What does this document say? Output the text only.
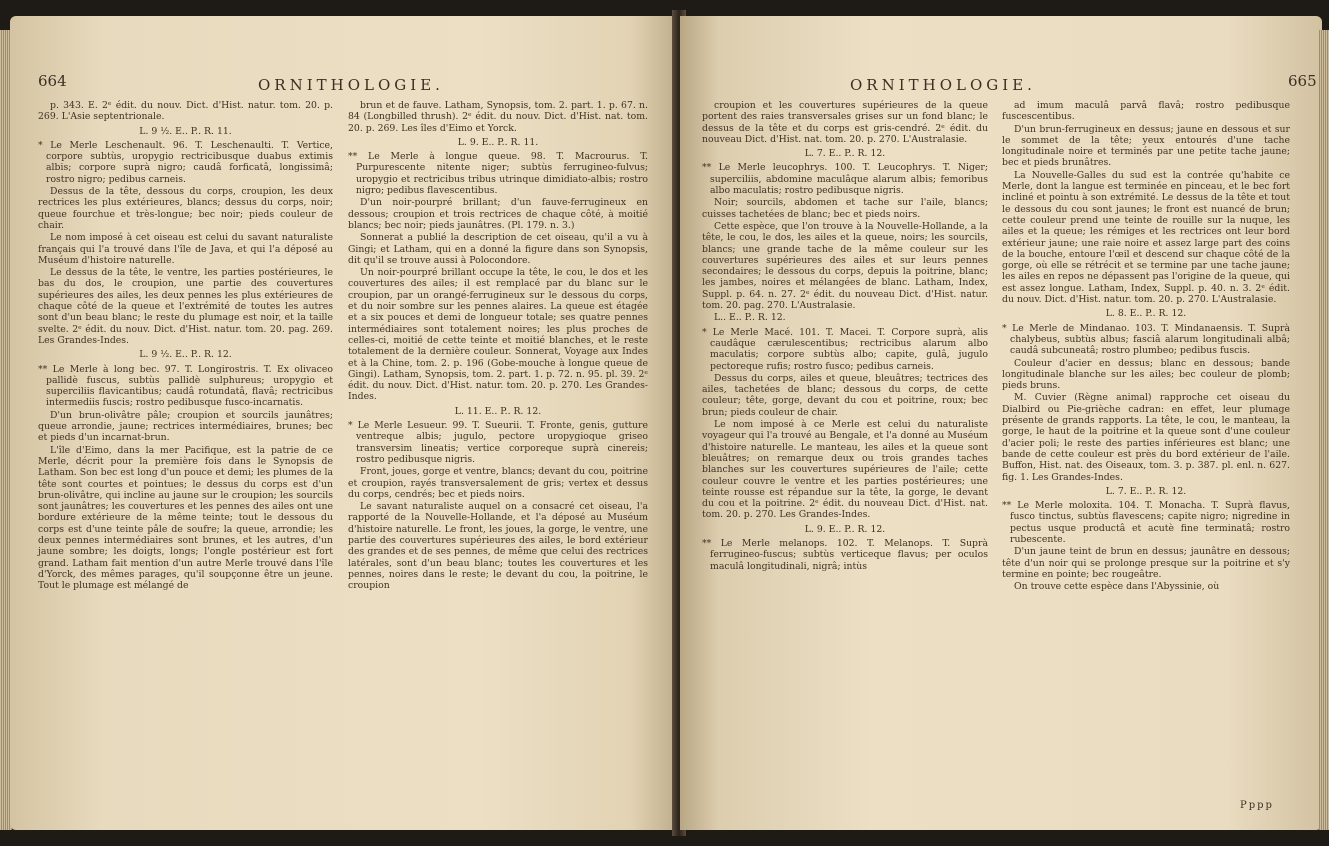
664	ORNITHOLOGIE.

p. 343. E. 2ᵉ édit. du nouv. Dict. d'Hist. natur. tom. 20. p. 269. L'Asie septentrionale.

L. 9 ½. E.. P.. R. 11.

* Le Merle Leschenault. 96. T. Leschenaulti. T. Vertice, corpore subtùs, uropygio rectricibusque duabus extimis albis; corpore suprà nigro; caudâ forficatâ, longissimâ; rostro nigro; pedibus carneis.

Dessus de la tête, dessous du corps, croupion, les deux rectrices les plus extérieures, blancs; dessus du corps, noir; queue fourchue et très-longue; bec noir; pieds couleur de chair.

Le nom imposé à cet oiseau est celui du savant naturaliste français qui l'a trouvé dans l'île de Java, et qui l'a déposé au Muséum d'histoire naturelle.

Le dessus de la tête, le ventre, les parties postérieures, le bas du dos, le croupion, une partie des couvertures supérieures des ailes, les deux pennes les plus extérieures de chaque côté de la queue et l'extrémité de toutes les autres sont d'un beau blanc; le reste du plumage est noir, et la taille svelte. 2ᵉ édit. du nouv. Dict. d'Hist. natur. tom. 20. pag. 269. Les Grandes-Indes.

L. 9 ½. E.. P.. R. 12.

** Le Merle à long bec. 97. T. Longirostris. T. Ex olivaceo pallidè fuscus, subtùs pallidè sulphureus; uropygio et superciliis flavicantibus; caudâ rotundatâ, flavâ; rectricibus intermediis fuscis; rostro pedibusque fusco-incarnatis.

D'un brun-olivâtre pâle; croupion et sourcils jaunâtres; queue arrondie, jaune; rectrices intermédiaires, brunes; bec et pieds d'un incarnat-brun.

L'île d'Eimo, dans la mer Pacifique, est la patrie de ce Merle, décrit pour la première fois dans le Synopsis de Latham. Son bec est long d'un pouce et demi; les plumes de la tête sont courtes et pointues; le dessus du corps est d'un brun-olivâtre, qui incline au jaune sur le croupion; les sourcils sont jaunâtres; les couvertures et les pennes des ailes ont une bordure extérieure de la même teinte; tout le dessous du corps est d'une teinte pâle de soufre; la queue, arrondie; les deux pennes intermédiaires sont brunes, et les autres, d'un jaune sombre; les doigts, longs; l'ongle postérieur est fort grand. Latham fait mention d'un autre Merle trouvé dans l'île d'Yorck, des mêmes parages, qu'il soupçonne être un jeune. Tout le plumage est mélangé de

brun et de fauve. Latham, Synopsis, tom. 2. part. 1. p. 67. n. 84 (Longbilled thrush). 2ᵉ édit. du nouv. Dict. d'Hist. nat. tom. 20. p. 269. Les îles d'Eimo et Yorck.

L. 9. E.. P.. R. 11.

** Le Merle à longue queue. 98. T. Macrourus. T. Purpurescente nitente niger; subtùs ferrugineo-fulvus; uropygio et rectricibus tribus utrinque dimidiato-albis; rostro nigro; pedibus flavescentibus.

D'un noir-pourpré brillant; d'un fauve-ferrugineux en dessous; croupion et trois rectrices de chaque côté, à moitié blancs; bec noir; pieds jaunâtres. (Pl. 179. n. 3.)

Sonnerat a publié la description de cet oiseau, qu'il a vu à Gingi; et Latham, qui en a donné la figure dans son Synopsis, dit qu'il se trouve aussi à Polocondore.

Un noir-pourpré brillant occupe la tête, le cou, le dos et les couvertures des ailes; il est remplacé par du blanc sur le croupion, par un orangé-ferrugineux sur le dessous du corps, et du noir sombre sur les pennes alaires. La queue est étagée et a six pouces et demi de longueur totale; ses quatre pennes intermédiaires sont totalement noires; les plus proches de celles-ci, moitié de cette teinte et moitié blanches, et le reste totalement de la dernière couleur. Sonnerat, Voyage aux Indes et à la Chine, tom. 2. p. 196 (Gobe-mouche à longue queue de Gingi). Latham, Synopsis, tom. 2. part. 1. p. 72. n. 95. pl. 39. 2ᵉ édit. du nouv. Dict. d'Hist. natur. tom. 20. p. 270. Les Grandes-Indes.

L. 11. E.. P.. R. 12.

* Le Merle Lesueur. 99. T. Sueurii. T. Fronte, genis, gutture ventreque albis; jugulo, pectore uropygioque griseo transversim lineatis; vertice corporeque suprà cinereis; rostro pedibusque nigris.

Front, joues, gorge et ventre, blancs; devant du cou, poitrine et croupion, rayés transversalement de gris; vertex et dessus du corps, cendrés; bec et pieds noirs.

Le savant naturaliste auquel on a consacré cet oiseau, l'a rapporté de la Nouvelle-Hollande, et l'a déposé au Muséum d'histoire naturelle. Le front, les joues, la gorge, le ventre, une partie des couvertures supérieures des ailes, le bord extérieur des grandes et de ses pennes, de même que celui des rectrices latérales, sont d'un beau blanc; toutes les couvertures et les pennes, noires dans le reste; le devant du cou, la poitrine, le croupion

ORNITHOLOGIE.	665

croupion et les couvertures supérieures de la queue portent des raies transversales grises sur un fond blanc; le dessus de la tête et du corps est gris-cendré. 2ᵉ édit. du nouveau Dict. d'Hist. nat. tom. 20. p. 270. L'Australasie.

L. 7. E.. P.. R. 12.

** Le Merle leucophrys. 100. T. Leucophrys. T. Niger; superciliis, abdomine maculâque alarum albis; femoribus albo maculatis; rostro pedibusque nigris.

Noir; sourcils, abdomen et tache sur l'aile, blancs; cuisses tachetées de blanc; bec et pieds noirs.

Cette espèce, que l'on trouve à la Nouvelle-Hollande, a la tête, le cou, le dos, les ailes et la queue, noirs; les sourcils, blancs; une grande tache de la même couleur sur les couvertures supérieures des ailes et sur leurs pennes secondaires; le dessous du corps, depuis la poitrine, blanc; les jambes, noires et mélangées de blanc. Latham, Index, Suppl. p. 64. n. 27. 2ᵉ édit. du nouveau Dict. d'Hist. natur. tom. 20. pag. 270. L'Australasie.

L.. E.. P.. R. 12.

* Le Merle Macé. 101. T. Macei. T. Corpore suprà, alis caudâque cærulescentibus; rectricibus alarum albo maculatis; corpore subtùs albo; capite, gulâ, jugulo pectoreque rufis; rostro fusco; pedibus carneis.

Dessus du corps, ailes et queue, bleuâtres; tectrices des ailes, tachetées de blanc; dessous du corps, de cette couleur; tête, gorge, devant du cou et poitrine, roux; bec brun; pieds couleur de chair.

Le nom imposé à ce Merle est celui du naturaliste voyageur qui l'a trouvé au Bengale, et l'a donné au Muséum d'histoire naturelle. Le manteau, les ailes et la queue sont bleuâtres; on remarque deux ou trois grandes taches blanches sur les couvertures supérieures de l'aile; cette couleur couvre le ventre et les parties postérieures; une teinte rousse est répandue sur la tête, la gorge, le devant du cou et la poitrine. 2ᵉ édit. du nouveau Dict. d'Hist. nat. tom. 20. p. 270. Les Grandes-Indes.

L. 9. E.. P.. R. 12.

** Le Merle melanops. 102. T. Melanops. T. Suprà ferrugineo-fuscus; subtùs verticeque flavus; per oculos maculâ longitudinali, nigrâ; intùs

ad imum maculâ parvâ flavâ; rostro pedibusque fuscescentibus.

D'un brun-ferrugineux en dessus; jaune en dessous et sur le sommet de la tête; yeux entourés d'une tache longitudinale noire et terminés par une petite tache jaune; bec et pieds brunâtres.

La Nouvelle-Galles du sud est la contrée qu'habite ce Merle, dont la langue est terminée en pinceau, et le bec fort incliné et pointu à son extrémité. Le dessus de la tête et tout le dessous du cou sont jaunes; le front est nuancé de brun; cette couleur prend une teinte de rouille sur la nuque, les ailes et la queue; les rémiges et les rectrices ont leur bord extérieur jaune; une raie noire et assez large part des coins de la bouche, entoure l'œil et descend sur chaque côté de la gorge, où elle se rétrécit et se termine par une tache jaune; les ailes en repos ne dépassent pas l'origine de la queue, qui est assez longue. Latham, Index, Suppl. p. 40. n. 3. 2ᵉ édit. du nouv. Dict. d'Hist. natur. tom. 20. p. 270. L'Australasie.

L. 8. E.. P.. R. 12.

* Le Merle de Mindanao. 103. T. Mindanaensis. T. Suprà chalybeus, subtùs albus; fasciâ alarum longitudinali albâ; caudâ subcuneatâ; rostro plumbeo; pedibus fuscis.

Couleur d'acier en dessus; blanc en dessous; bande longitudinale blanche sur les ailes; bec couleur de plomb; pieds bruns.

M. Cuvier (Règne animal) rapproche cet oiseau du Dialbird ou Pie-grièche cadran: en effet, leur plumage présente de grands rapports. La tête, le cou, le manteau, la gorge, le haut de la poitrine et la queue sont d'une couleur d'acier poli; le reste des parties inférieures est blanc; une bande de cette couleur est près du bord extérieur de l'aile. Buffon, Hist. nat. des Oiseaux, tom. 3. p. 387. pl. enl. n. 627. fig. 1. Les Grandes-Indes.

L. 7. E.. P.. R. 12.

** Le Merle moloxita. 104. T. Monacha. T. Suprà flavus, fusco tinctus, subtùs flavescens; capite nigro; nigredine in pectus usque productâ et acutè fine terminatâ; rostro rubescente.

D'un jaune teint de brun en dessus; jaunâtre en dessous; tête d'un noir qui se prolonge presque sur la poitrine et s'y termine en pointe; bec rougeâtre.

On trouve cette espèce dans l'Abyssinie, où

Pppp
